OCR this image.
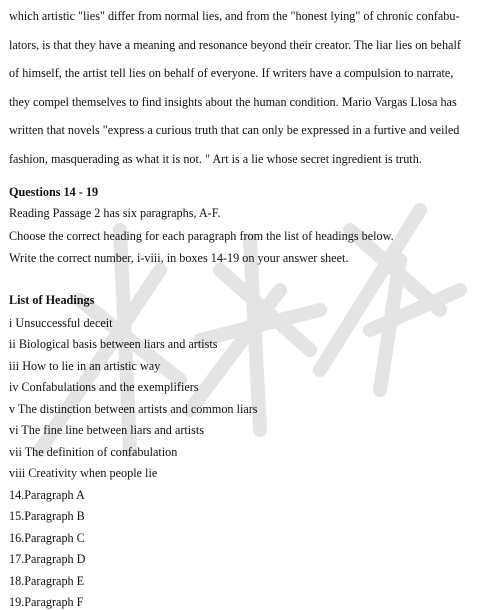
which artistic "lies" differ from normal lies, and from the "honest lying" of chronic confabu-

lators, is that they have a meaning and resonance beyond their creator. The liar lies on behalf

of himself, the artist tell lies on behalf of everyone. If writers have a compulsion to narrate,

they compel themselves to find insights about the human condition. Mario Vargas Llosa has

written that novels "express a curious truth that can only be expressed in a furtive and veiled

fashion, masquerading as what it is not. " Art is a lie whose secret ingredient is truth.

Questions 14 - 19
Reading Passage 2 has six paragraphs, A-F.
Choose the correct heading for each paragraph from the list of headings below.
Write the correct number, i-viii, in boxes 14-19 on your answer sheet.
List of Headings
i Unsuccessful deceit
ii Biological basis between liars and artists
iii How to lie in an artistic way
iv Confabulations and the exemplifiers
v The distinction between artists and common liars
vi The fine line between liars and artists
vii The definition of confabulation
viii Creativity when people lie
14.Paragraph A
15.Paragraph B
16.Paragraph C
17.Paragraph D
18.Paragraph E
19.Paragraph F
